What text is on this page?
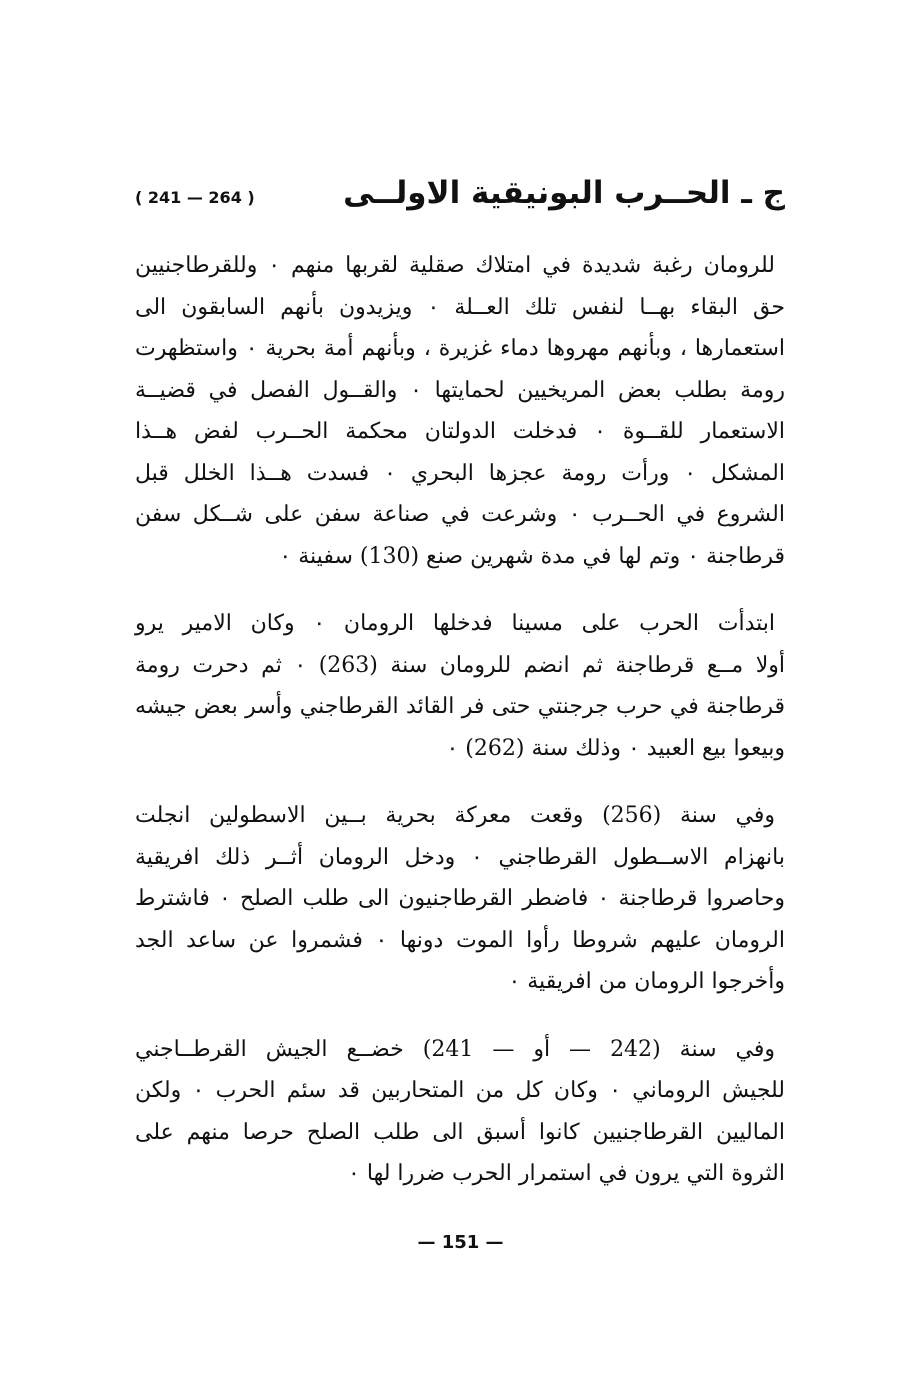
ج ـ الحــرب البونيقية الاولــى
( 241 — 264 )
للرومان رغبة شديدة في امتلاك صقلية لقربها منهم ٠ وللقرطاجنيين
حق البقاء بهــا لنفس تلك العــلة ٠ ويزيدون بأنهم السابقون الى
استعمارها ، وبأنهم مهروها دماء غزيرة ، وبأنهم أمة بحرية ٠ واستظهرت
رومة بطلب بعض المريخيين لحمايتها ٠ والقــول الفصل في قضيــة
الاستعمار للقــوة ٠ فدخلت الدولتان محكمة الحــرب لفض هــذا
المشكل ٠ ورأت رومة عجزها البحري ٠ فسدت هــذا الخلل قبل
الشروع في الحــرب ٠ وشرعت في صناعة سفن على شــكل سفن
قرطاجنة ٠ وتم لها في مدة شهرين صنع (130) سفينة ٠
ابتدأت الحرب على مسينا فدخلها الرومان ٠ وكان الامير يرو
أولا مــع قرطاجنة ثم انضم للرومان سنة (263) ٠ ثم دحرت رومة
قرطاجنة في حرب جرجنتي حتى فر القائد القرطاجني وأسر بعض جيشه
وبيعوا بيع العبيد ٠ وذلك سنة (262) ٠
وفي سنة (256) وقعت معركة بحرية بــين الاسطولين انجلت
بانهزام الاســطول القرطاجني ٠ ودخل الرومان أثــر ذلك افريقية
وحاصروا قرطاجنة ٠ فاضطر القرطاجنيون الى طلب الصلح ٠ فاشترط
الرومان عليهم شروطا رأوا الموت دونها ٠ فشمروا عن ساعد الجد
وأخرجوا الرومان من افريقية ٠
وفي سنة (242 — أو — 241) خضــع الجيش القرطــاجني
للجيش الروماني ٠ وكان كل من المتحاربين قد سئم الحرب ٠ ولكن
الماليين القرطاجنيين كانوا أسبق الى طلب الصلح حرصا منهم على
الثروة التي يرون في استمرار الحرب ضررا لها ٠
— 151 —
